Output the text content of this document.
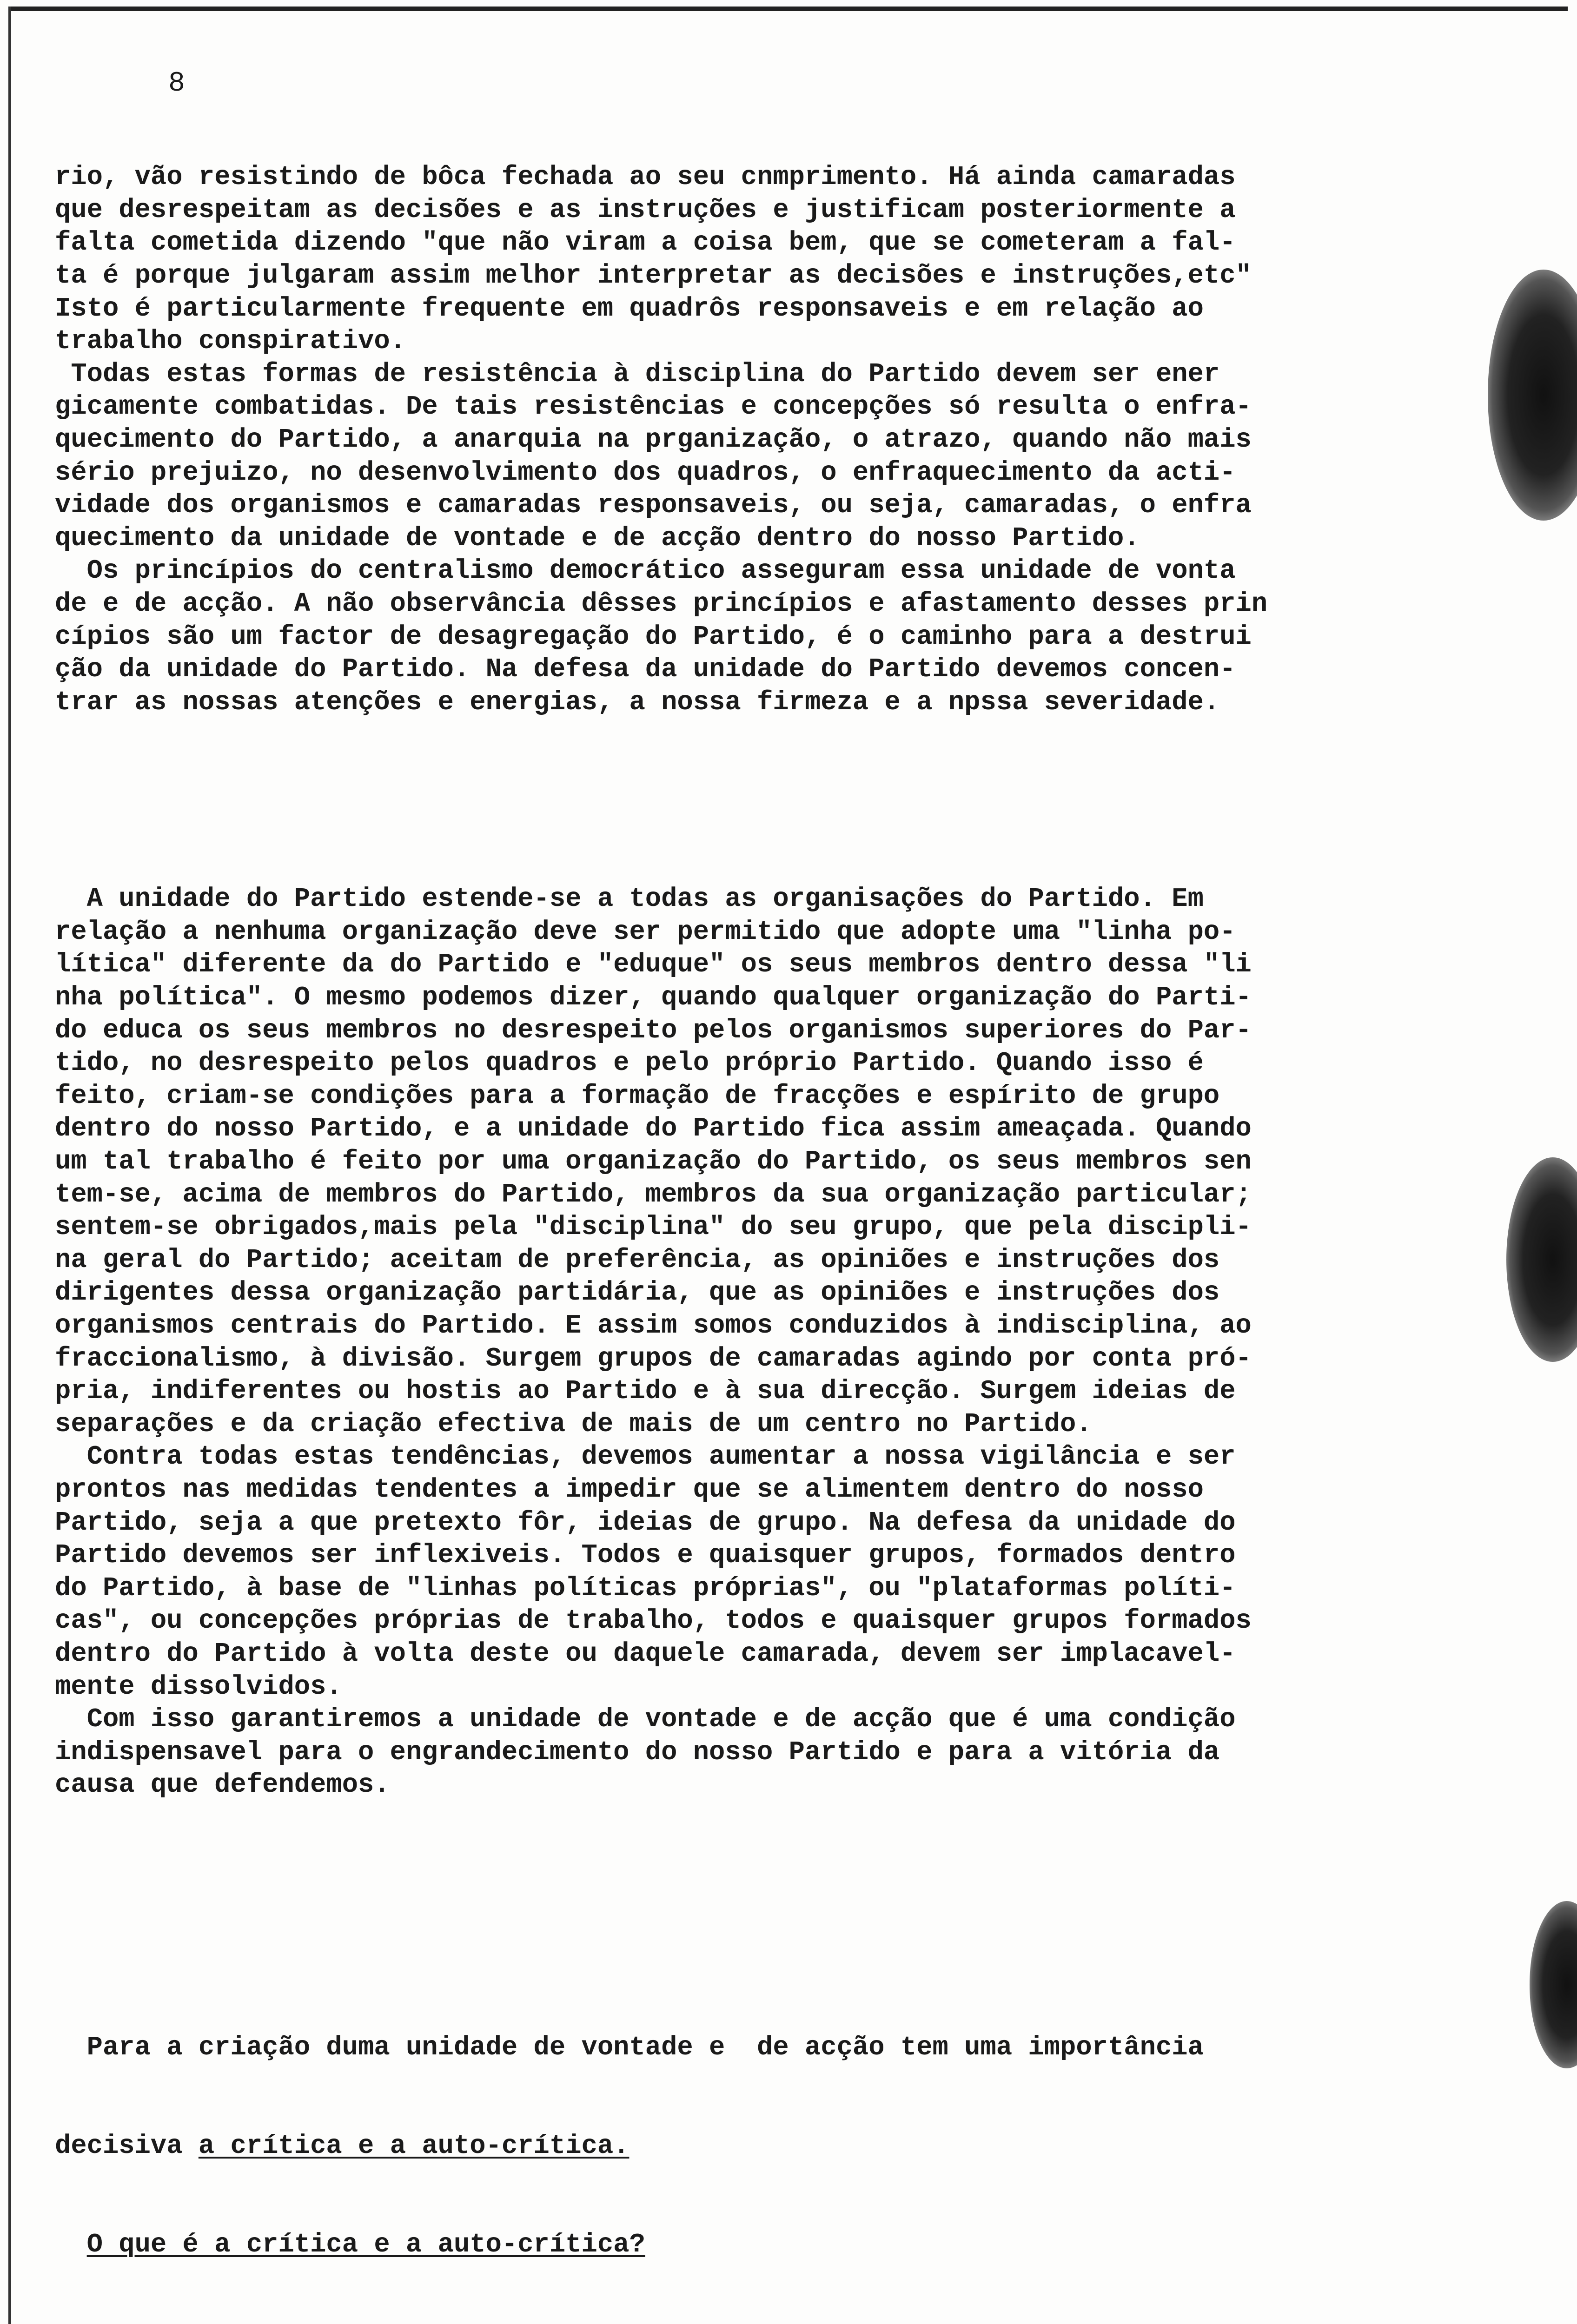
8

rio, vão resistindo de bôca fechada ao seu cnmprimento. Há ainda camaradas
que desrespeitam as decisões e as instruções e justificam posteriormente a
falta cometida dizendo "que não viram a coisa bem, que se cometeram a fal-
ta é porque julgaram assim melhor interpretar as decisões e instruções,etc"
Isto é particularmente frequente em quadrôs responsaveis e em relação ao
trabalho conspirativo.
Todas estas formas de resistência à disciplina do Partido devem ser ener
gicamente combatidas. De tais resistências e concepções só resulta o enfra-
quecimento do Partido, a anarquia na prganização, o atrazo, quando não mais
sério prejuizo, no desenvolvimento dos quadros, o enfraquecimento da acti-
vidade dos organismos e camaradas responsaveis, ou seja, camaradas, o enfra
quecimento da unidade de vontade e de acção dentro do nosso Partido.
Os princípios do centralismo democrático asseguram essa unidade de vonta
de e de acção. A não observância dêsses princípios e afastamento desses prin
cípios são um factor de desagregação do Partido, é o caminho para a destrui
ção da unidade do Partido. Na defesa da unidade do Partido devemos concen-
trar as nossas atenções e energias, a nossa firmeza e a npssa severidade.

A unidade do Partido estende-se a todas as organisações do Partido. Em
relação a nenhuma organização deve ser permitido que adopte uma "linha po-
lítica" diferente da do Partido e "eduque" os seus membros dentro dessa "li
nha política". O mesmo podemos dizer, quando qualquer organização do Parti-
do educa os seus membros no desrespeito pelos organismos superiores do Par-
tido, no desrespeito pelos quadros e pelo próprio Partido. Quando isso é
feito, criam-se condições para a formação de fracções e espírito de grupo
dentro do nosso Partido, e a unidade do Partido fica assim ameaçada. Quando
um tal trabalho é feito por uma organização do Partido, os seus membros sen
tem-se, acima de membros do Partido, membros da sua organização particular;
sentem-se obrigados,mais pela "disciplina" do seu grupo, que pela discipli-
na geral do Partido; aceitam de preferência, as opiniões e instruções dos
dirigentes dessa organização partidária, que as opiniões e instruções dos
organismos centrais do Partido. E assim somos conduzidos à indisciplina, ao
fraccionalismo, à divisão. Surgem grupos de camaradas agindo por conta pró-
pria, indiferentes ou hostis ao Partido e à sua direcção. Surgem ideias de
separações e da criação efectiva de mais de um centro no Partido.
Contra todas estas tendências, devemos aumentar a nossa vigilância e ser
prontos nas medidas tendentes a impedir que se alimentem dentro do nosso
Partido, seja a que pretexto fôr, ideias de grupo. Na defesa da unidade do
Partido devemos ser inflexiveis. Todos e quaisquer grupos, formados dentro
do Partido, à base de "linhas políticas próprias", ou "plataformas políti-
cas", ou concepções próprias de trabalho, todos e quaisquer grupos formados
dentro do Partido à volta deste ou daquele camarada, devem ser implacavel-
mente dissolvidos.
Com isso garantiremos a unidade de vontade e de acção que é uma condição
indispensavel para o engrandecimento do nosso Partido e para a vitória da
causa que defendemos.

Para a criação duma unidade de vontade e  de acção tem uma importância

decisiva a crítica e a auto-crítica.

O que é a crítica e a auto-crítica?
